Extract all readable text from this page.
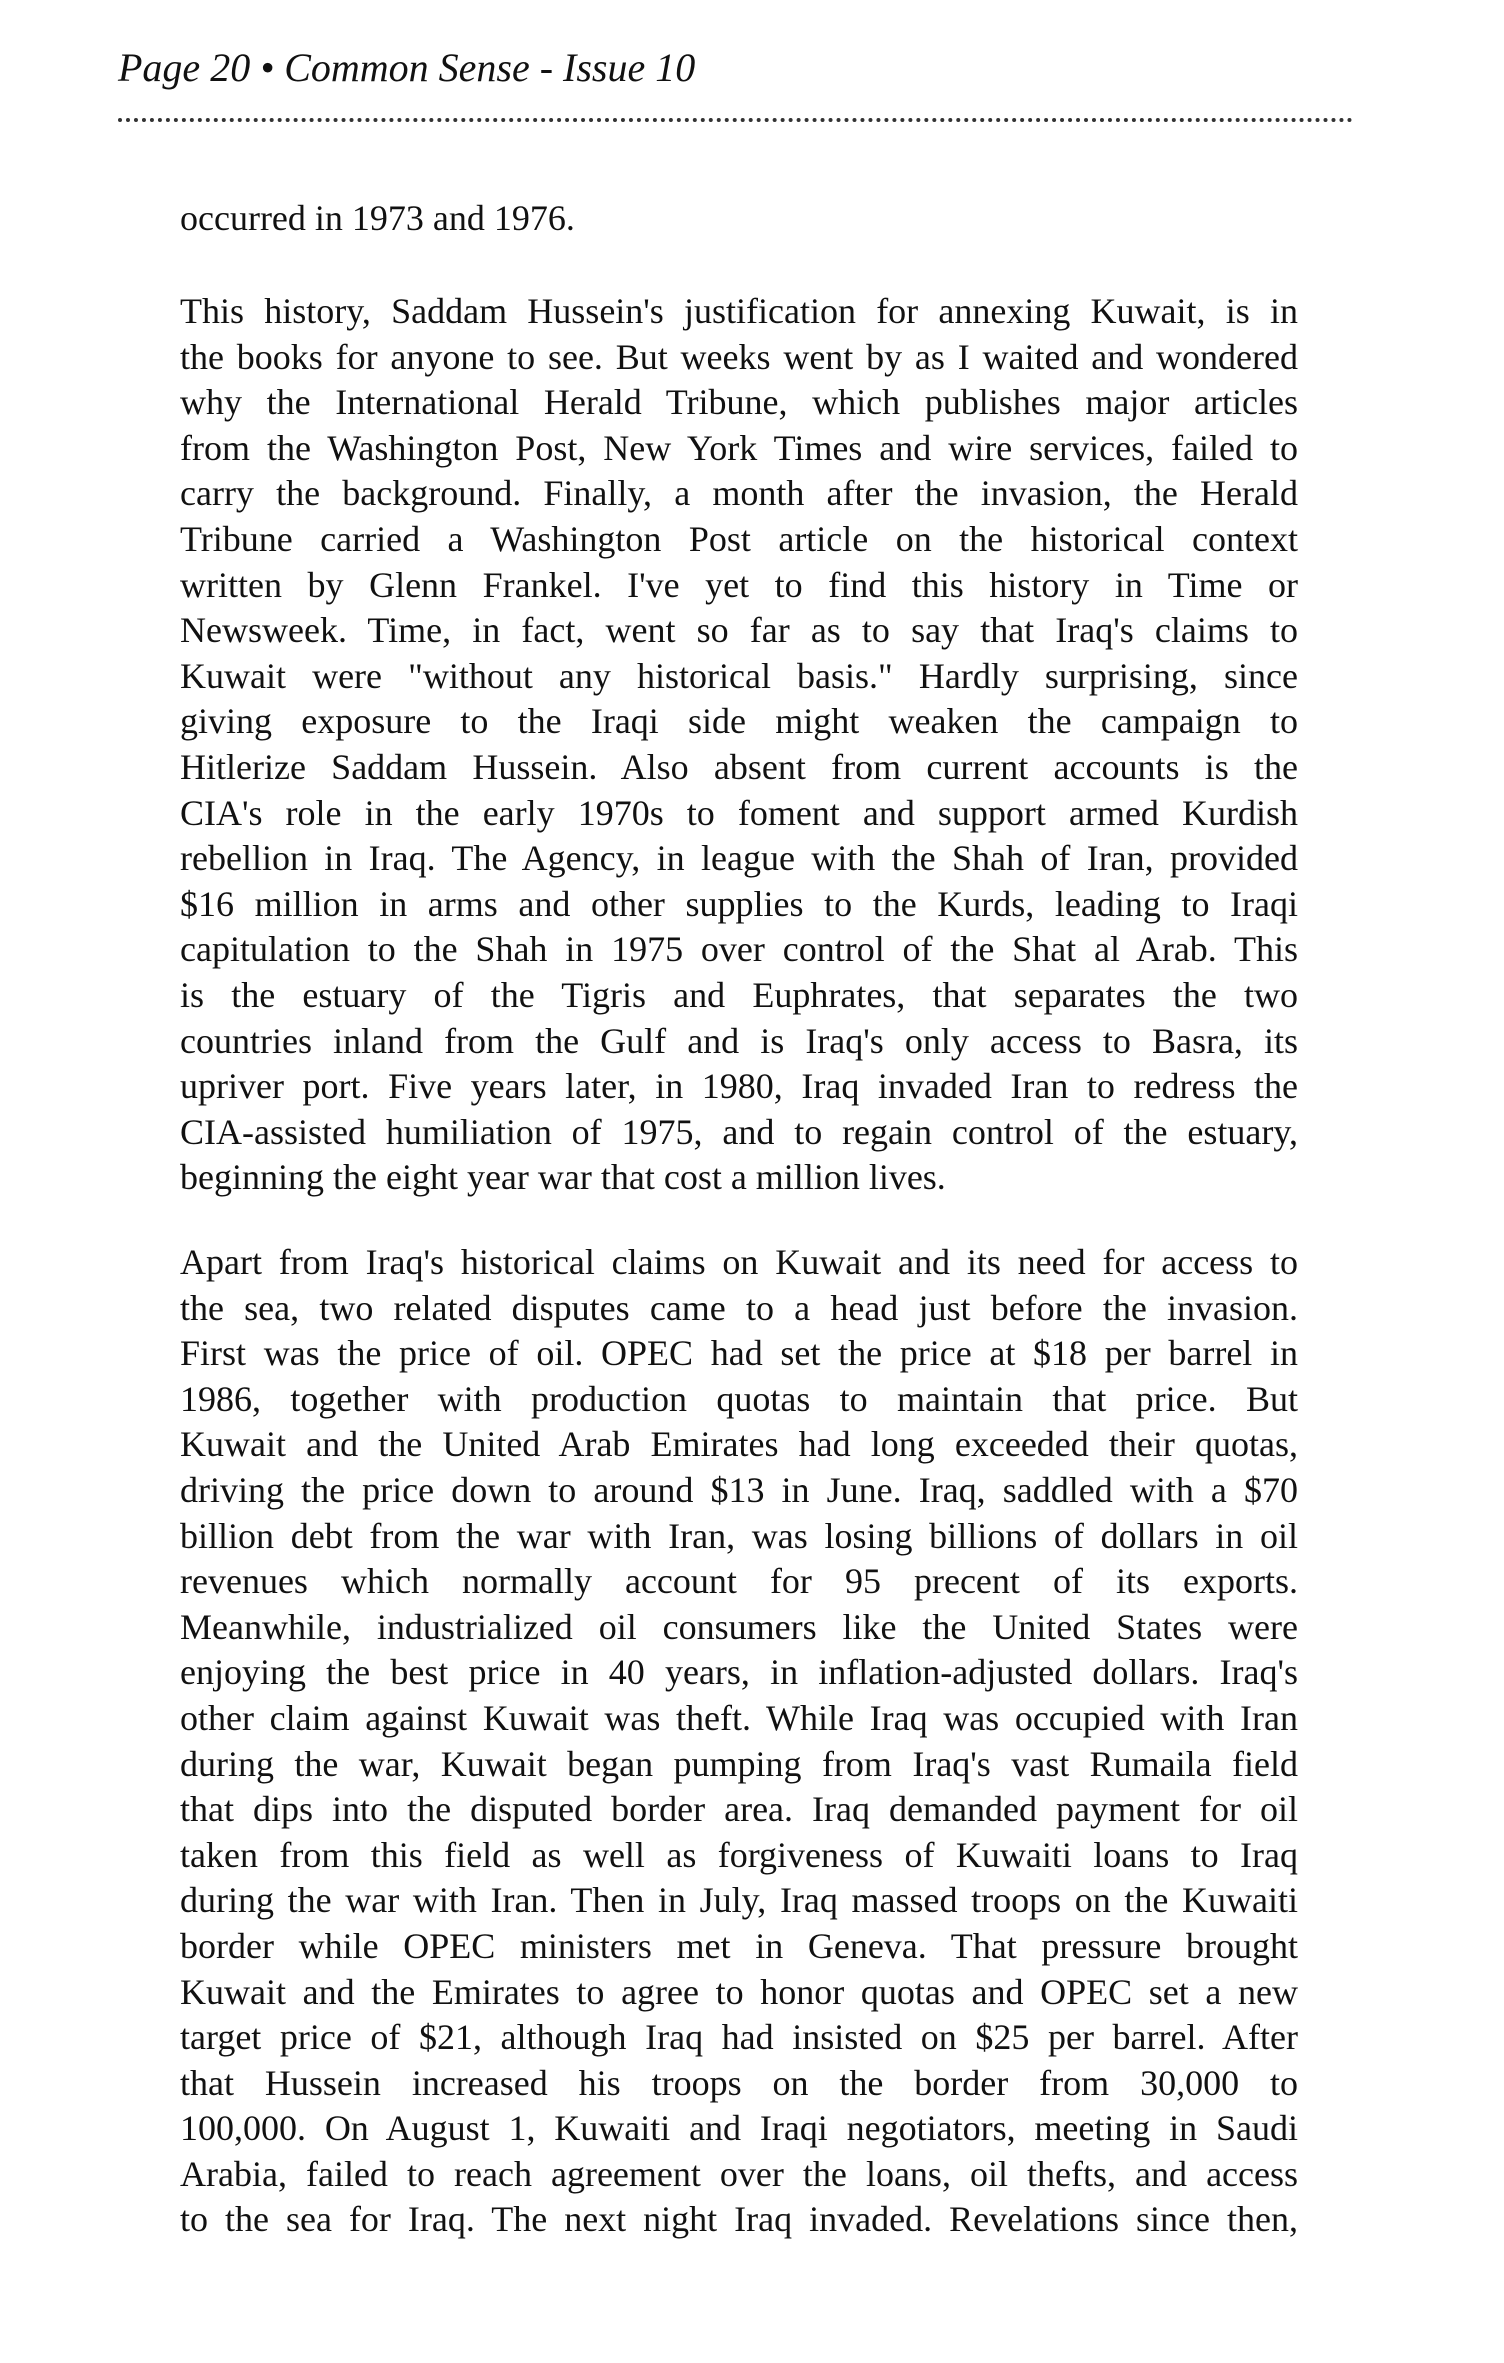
Page 20 • Common Sense - Issue 10
occurred in 1973 and 1976.
This history, Saddam Hussein's justification for annexing Kuwait, is in
the books for anyone to see. But weeks went by as I waited and wondered
why the International Herald Tribune, which publishes major articles
from the Washington Post, New York Times and wire services, failed to
carry the background. Finally, a month after the invasion, the Herald
Tribune carried a Washington Post article on the historical context
written by Glenn Frankel. I've yet to find this history in Time or
Newsweek. Time, in fact, went so far as to say that Iraq's claims to
Kuwait were "without any historical basis." Hardly surprising, since
giving exposure to the Iraqi side might weaken the campaign to
Hitlerize Saddam Hussein. Also absent from current accounts is the
CIA's role in the early 1970s to foment and support armed Kurdish
rebellion in Iraq. The Agency, in league with the Shah of Iran, provided
$16 million in arms and other supplies to the Kurds, leading to Iraqi
capitulation to the Shah in 1975 over control of the Shat al Arab. This
is the estuary of the Tigris and Euphrates, that separates the two
countries inland from the Gulf and is Iraq's only access to Basra, its
upriver port. Five years later, in 1980, Iraq invaded Iran to redress the
CIA-assisted humiliation of 1975, and to regain control of the estuary,
beginning the eight year war that cost a million lives.
Apart from Iraq's historical claims on Kuwait and its need for access to
the sea, two related disputes came to a head just before the invasion.
First was the price of oil. OPEC had set the price at $18 per barrel in
1986, together with production quotas to maintain that price. But
Kuwait and the United Arab Emirates had long exceeded their quotas,
driving the price down to around $13 in June. Iraq, saddled with a $70
billion debt from the war with Iran, was losing billions of dollars in oil
revenues which normally account for 95 precent of its exports.
Meanwhile, industrialized oil consumers like the United States were
enjoying the best price in 40 years, in inflation-adjusted dollars. Iraq's
other claim against Kuwait was theft. While Iraq was occupied with Iran
during the war, Kuwait began pumping from Iraq's vast Rumaila field
that dips into the disputed border area. Iraq demanded payment for oil
taken from this field as well as forgiveness of Kuwaiti loans to Iraq
during the war with Iran. Then in July, Iraq massed troops on the Kuwaiti
border while OPEC ministers met in Geneva. That pressure brought
Kuwait and the Emirates to agree to honor quotas and OPEC set a new
target price of $21, although Iraq had insisted on $25 per barrel. After
that Hussein increased his troops on the border from 30,000 to
100,000. On August 1, Kuwaiti and Iraqi negotiators, meeting in Saudi
Arabia, failed to reach agreement over the loans, oil thefts, and access
to the sea for Iraq. The next night Iraq invaded. Revelations since then,
